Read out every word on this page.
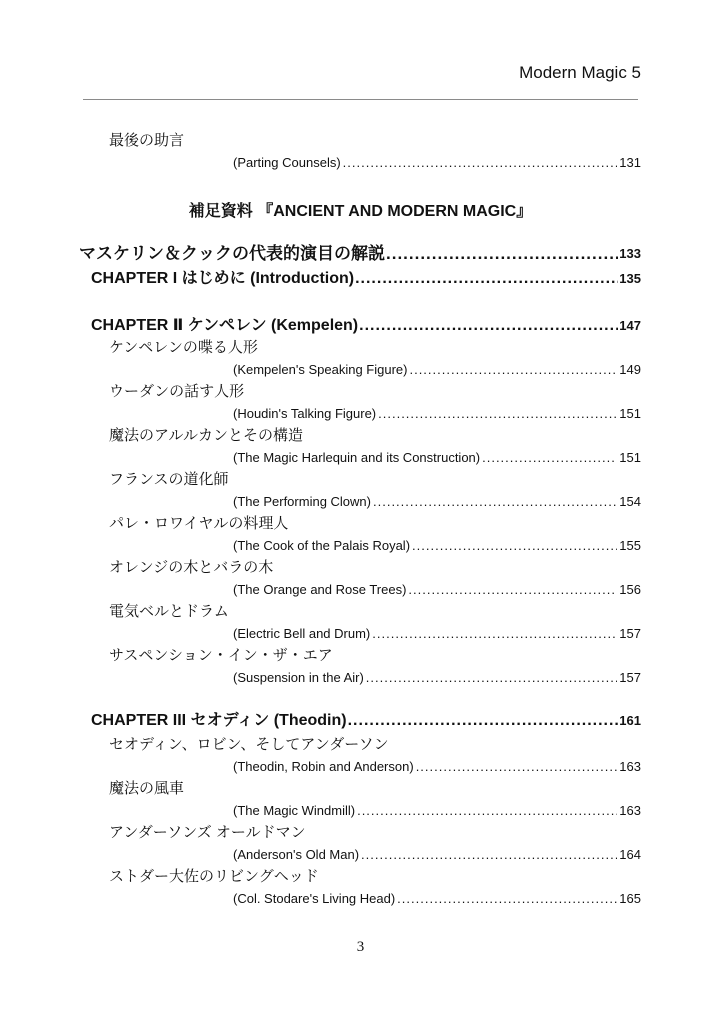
Modern Magic 5
最後の助言
(Parting Counsels) .....	131
補足資料 『ANCIENT AND MODERN MAGIC』
マスケリン＆クックの代表的演目の解説 .....	133
CHAPTER I はじめに (Introduction) .....	135
CHAPTER Ⅱ ケンペレン (Kempelen) .....	147
ケンペレンの喋る人形
(Kempelen's Speaking Figure) .....	149
ウーダンの話す人形
(Houdin's Talking Figure) .....	151
魔法のアルルカンとその構造
(The Magic Harlequin and its Construction) .....	151
フランスの道化師
(The Performing Clown) .....	154
パレ・ロワイヤルの料理人
(The Cook of the Palais Royal) .....	155
オレンジの木とバラの木
(The Orange and Rose Trees) .....	156
電気ベルとドラム
(Electric Bell and Drum) .....	157
サスペンション・イン・ザ・エア
(Suspension in the Air) .....	157
CHAPTER III セオディン (Theodin) .....	161
セオディン、ロビン、そしてアンダーソン
(Theodin, Robin and Anderson) .....	163
魔法の風車
(The Magic Windmill) .....	163
アンダーソンズ オールドマン
(Anderson's Old Man) .....	164
ストダー大佐のリビングヘッド
(Col. Stodare's Living Head) .....	165
3
